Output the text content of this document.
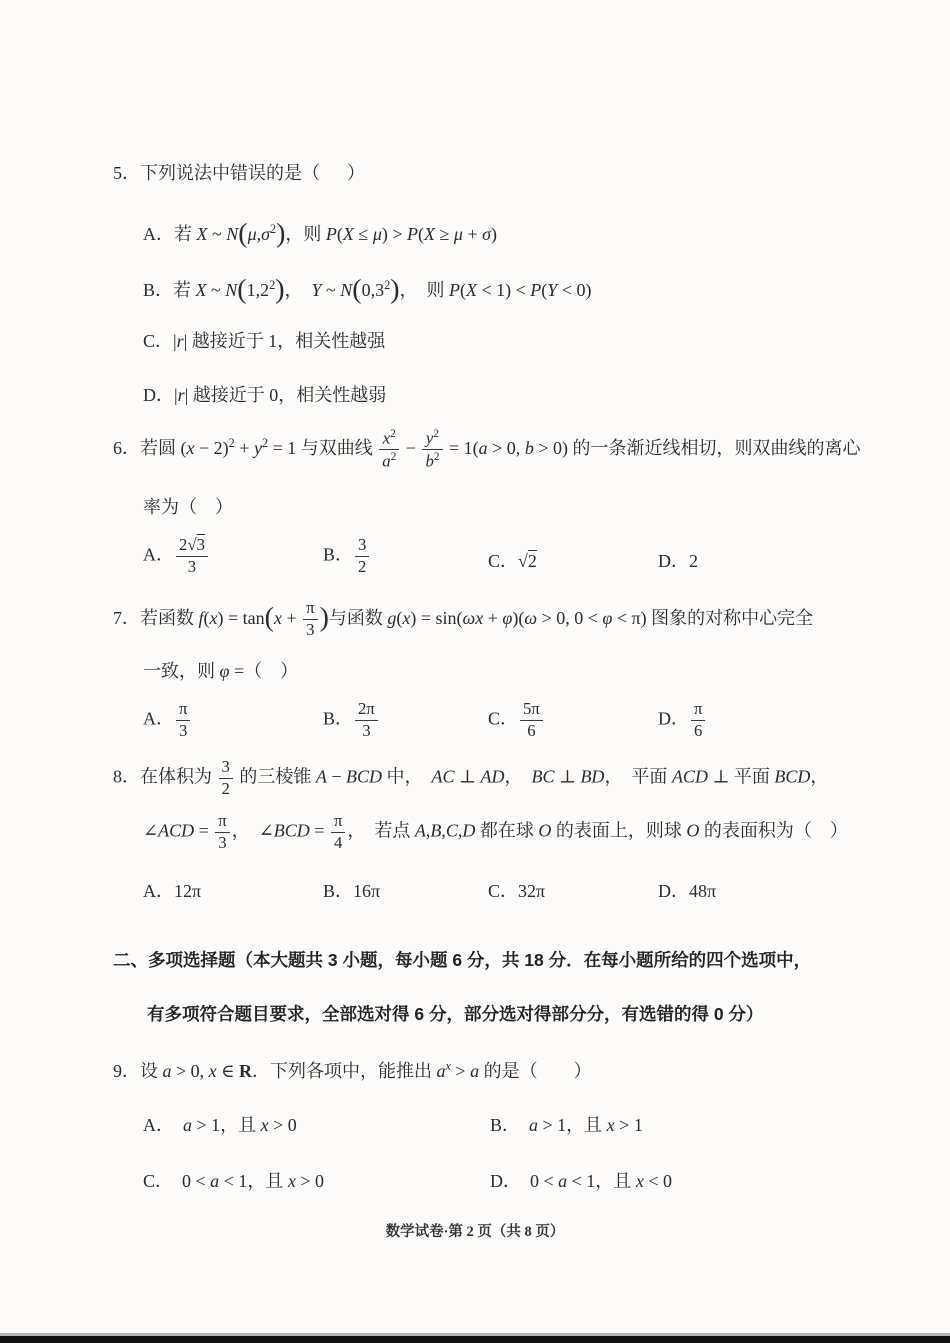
5．下列说法中错误的是（  ）
A．若 X ~ $N(\mu,\sigma^2)$，则 P(X ≤ μ) > P(X ≥ μ + σ)
B．若 X ~ $N(1,2^2)$， Y ~ $N(0,3^2)$， 则 P(X < 1) < P(Y < 0)
C．|r| 越接近于 1，相关性越强
D．|r| 越接近于 0，相关性越弱
6．若圆 $(x - 2)^2 + y^2 = 1$ 与双曲线 $\frac{x^2}{a^2} - \frac{y^2}{b^2} = 1(a > 0$, b > 0) 的一条渐近线相切，则双曲线的离心
率为（  ）
A． $\frac{2√3}{3}$	B． $\frac{3}{2}$	C．√2	D．2
7．若函数 $f(x) = \tan(x + \frac{\pi}{3}$ )与函数 g(x) = sin(ωx + φ)(ω > 0, 0 < φ < π) 图象的对称中心完全
一致，则 φ =（  ）
A． $\frac{\pi}{3}$	B． $\frac{2\pi}{3}$	C． $\frac{5\pi}{6}$	D． $\frac{\pi}{6}$
8．在体积为 $\frac{3}{2}$ 的三棱锥 A − BCD 中， AC ⊥ AD， BC ⊥ BD， 平面 ACD ⊥ 平面 BCD，
∠ACD = $\frac{\pi}{3}$ ， ∠BCD = $\frac{\pi}{4}$ ， 若点 A,B,C,D 都在球 O 的表面上，则球 O 的表面积为（  ）
A．12π	B．16π	C．32π	D．48π
二、多项选择题（本大题共 3 小题，每小题 6 分，共 18 分．在每小题所给的四个选项中，
有多项符合题目要求，全部选对得 6 分，部分选对得部分分，有选错的得 0 分）
9．设 a > 0, x ∈ R．下列各项中，能推出 $a^x > a$ 的是（  ）
A． a > 1，且 x > 0	B． a > 1，且 x > 1
C． 0 < a < 1，且 x > 0	D． 0 < a < 1，且 x < 0
数学试卷·第 2 页（共 8 页）
